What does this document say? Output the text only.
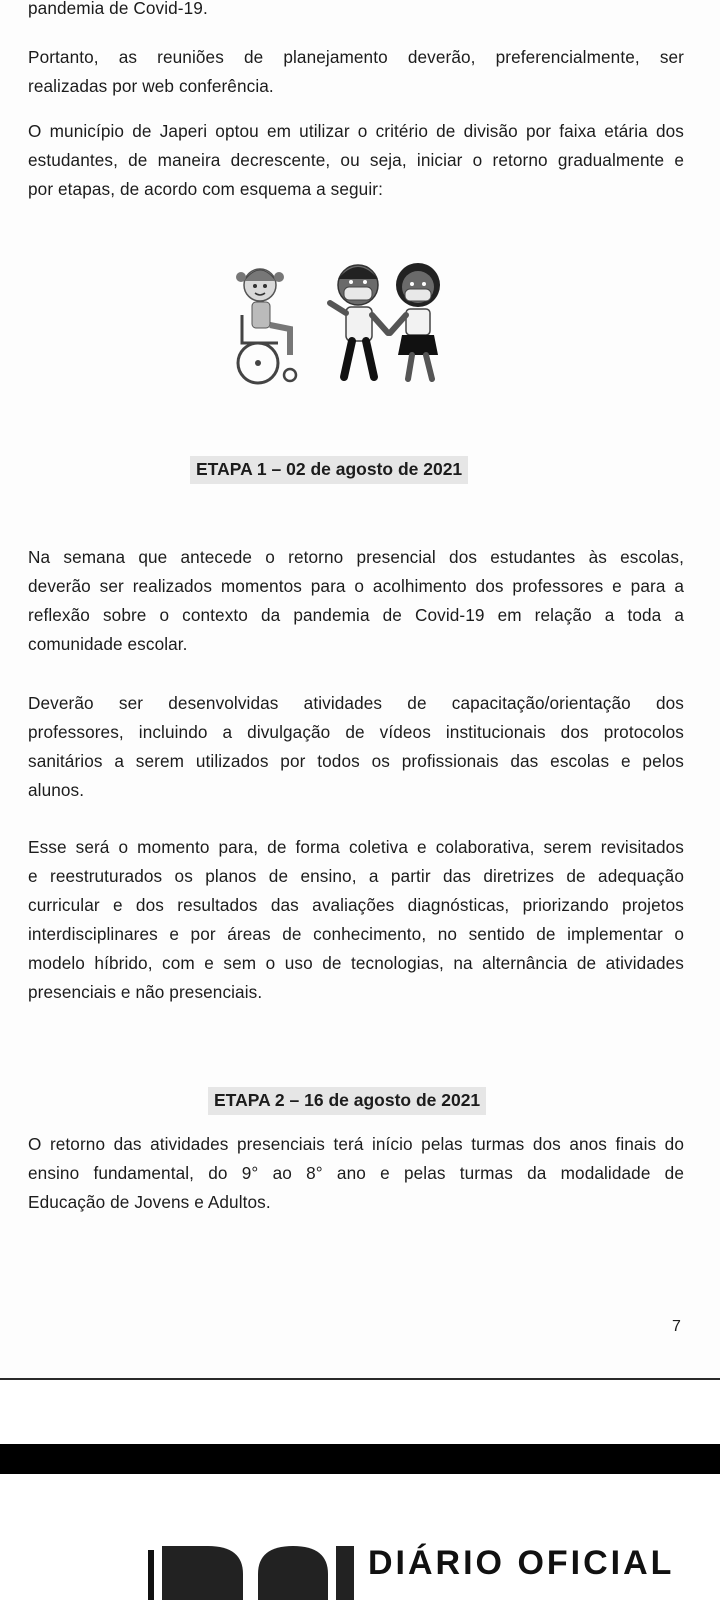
pandemia de Covid-19.
Portanto, as reuniões de planejamento deverão, preferencialmente, ser
realizadas por web conferência.
O município de Japeri optou em utilizar o critério de divisão por faixa etária dos
estudantes, de maneira decrescente, ou seja, iniciar o retorno gradualmente e
por etapas, de acordo com esquema a seguir:
ETAPA 1 – 02 de agosto de 2021
Na semana que antecede o retorno presencial dos estudantes às escolas,
deverão ser realizados momentos para o acolhimento dos professores e para a
reflexão sobre o contexto da pandemia de Covid-19 em relação a toda a
comunidade escolar.
Deverão ser desenvolvidas atividades de capacitação/orientação dos
professores, incluindo a divulgação de vídeos institucionais dos protocolos
sanitários a serem utilizados por todos os profissionais das escolas e pelos
alunos.
Esse será o momento para, de forma coletiva e colaborativa, serem revisitados
e reestruturados os planos de ensino, a partir das diretrizes de adequação
curricular e dos resultados das avaliações diagnósticas, priorizando projetos
interdisciplinares e por áreas de conhecimento, no sentido de implementar o
modelo híbrido, com e sem o uso de tecnologias, na alternância de atividades
presenciais e não presenciais.
ETAPA 2 – 16 de agosto de 2021
O retorno das atividades presenciais terá início pelas turmas dos anos finais do
ensino fundamental, do 9° ao 8° ano e pelas turmas da modalidade de
Educação de Jovens e Adultos.
7
DIÁRIO OFICIAL
